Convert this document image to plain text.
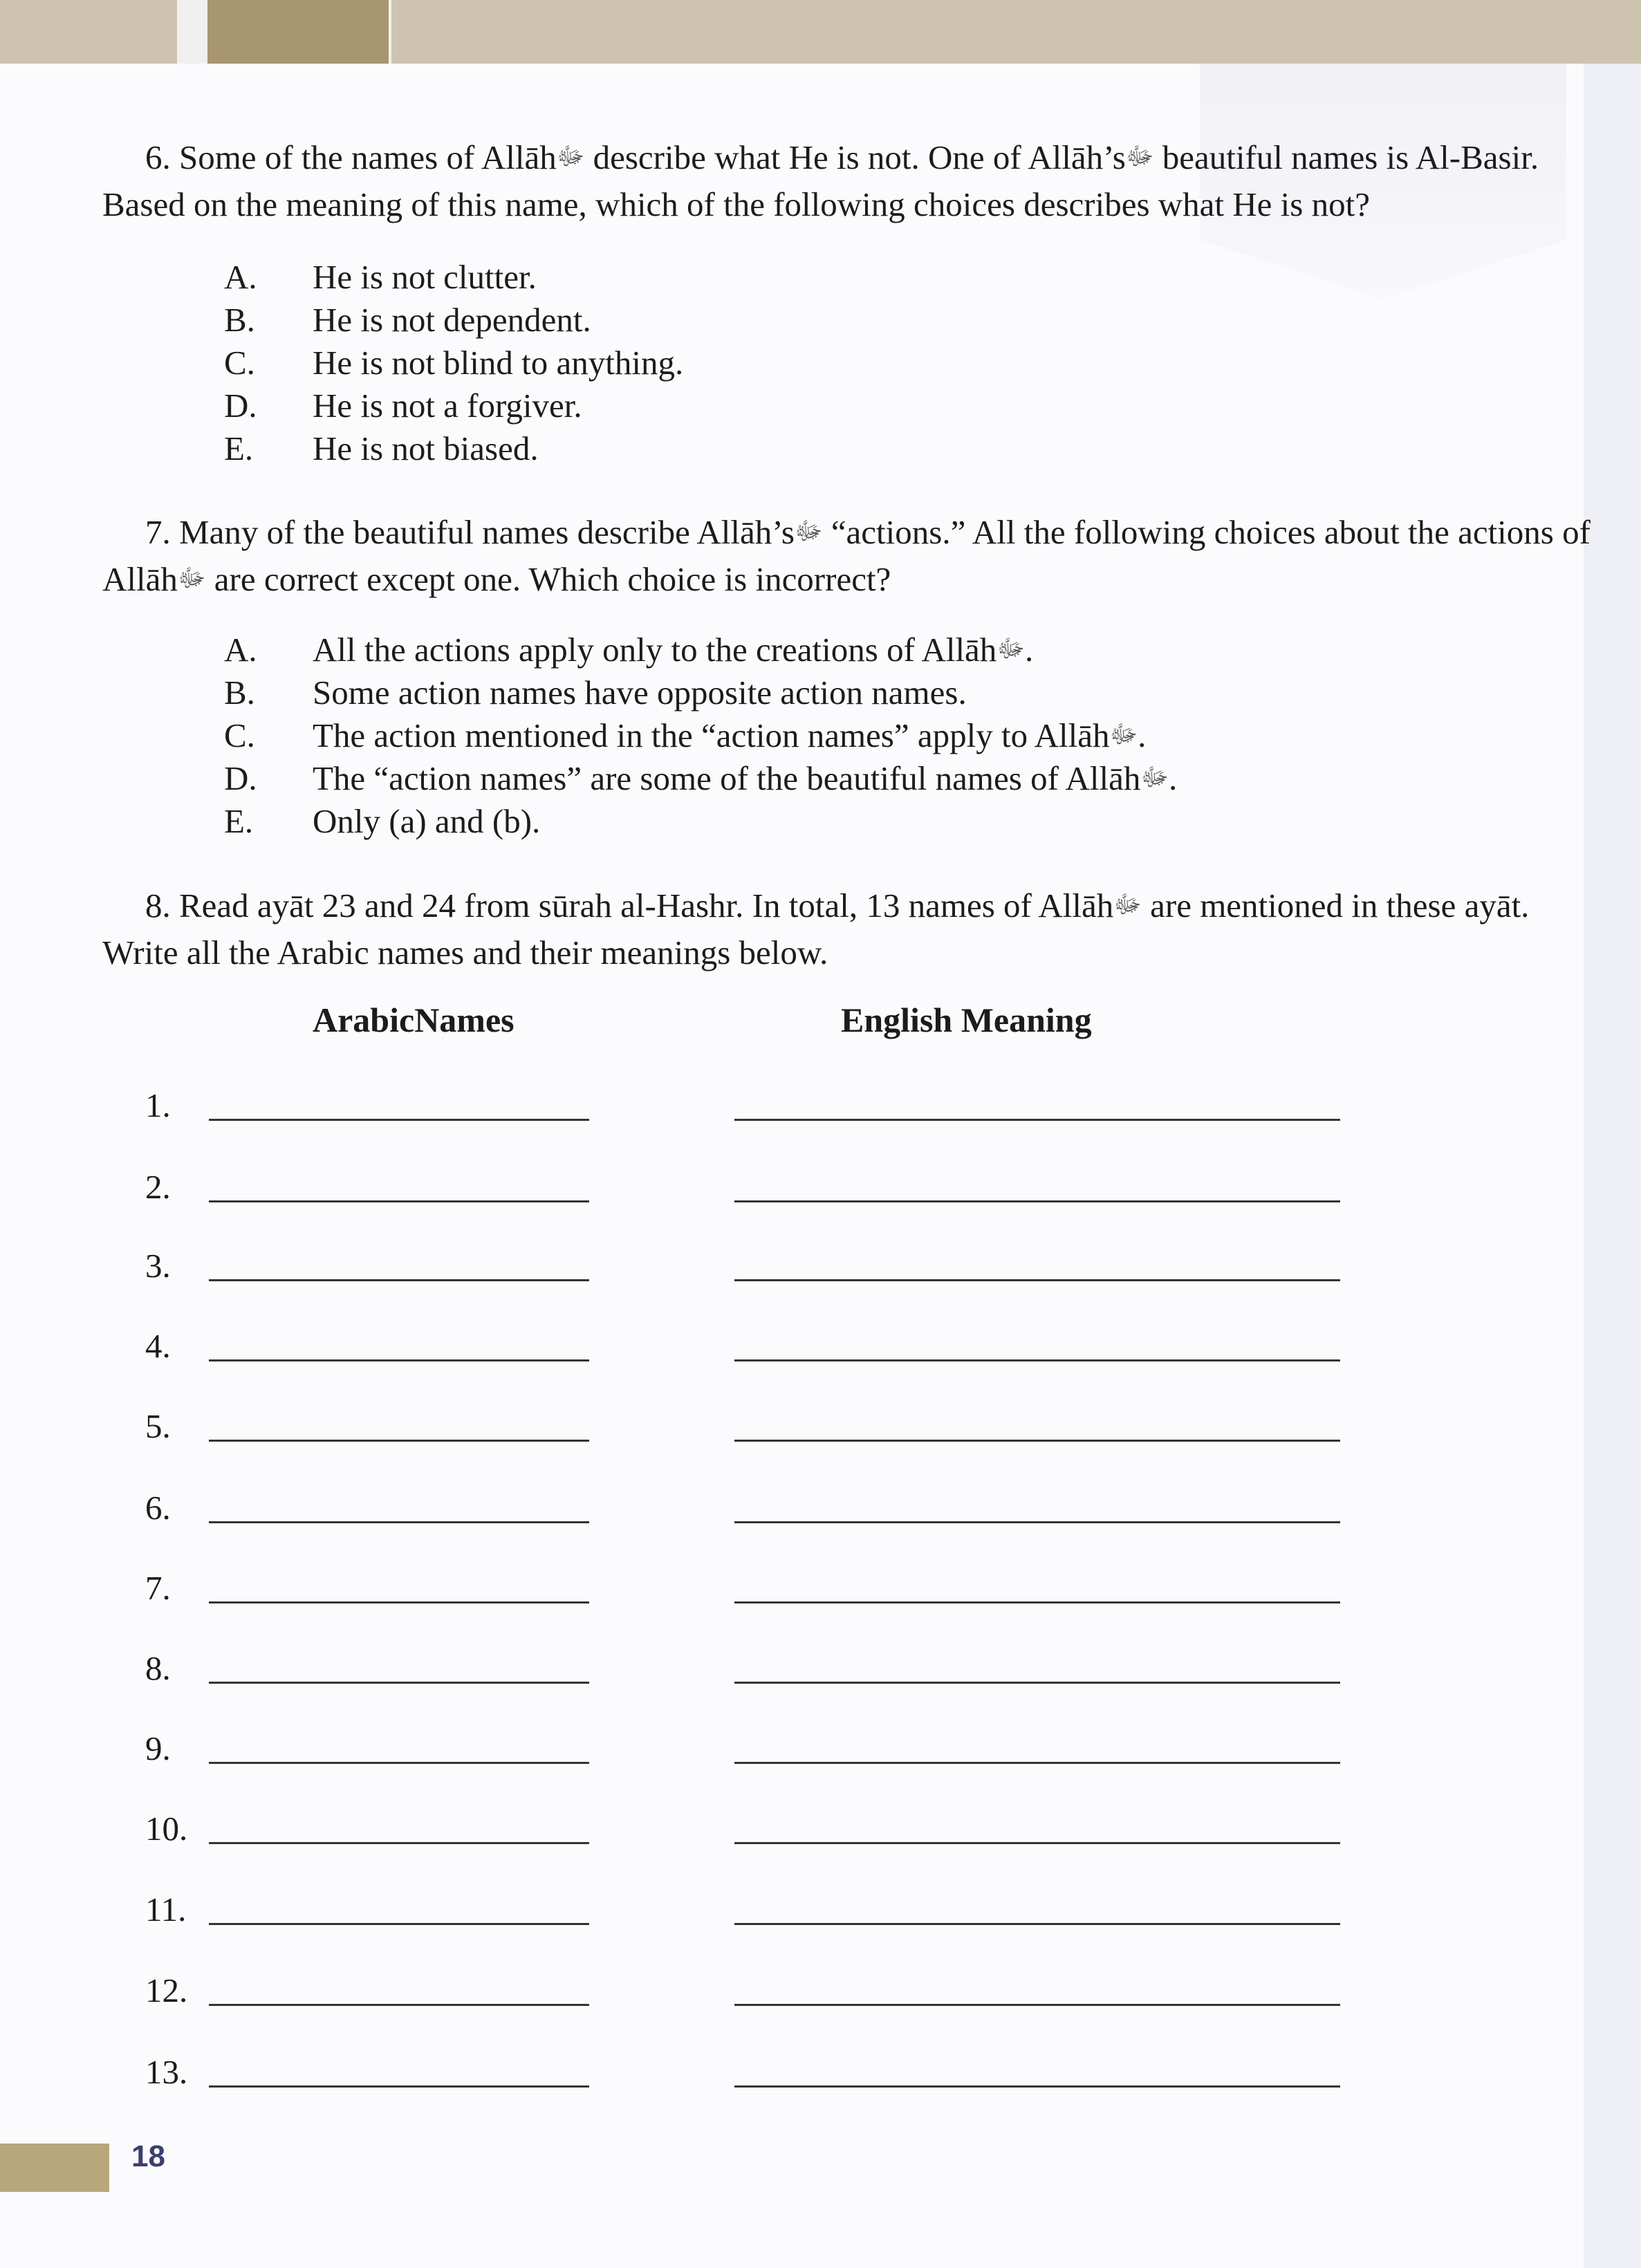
6. Some of the names of Allāhﷻ describe what He is not. One of Allāh’sﷻ beautiful names is Al-Basir.
Based on the meaning of this name, which of the following choices describes what He is not?
A.	He is not clutter.
B.	He is not dependent.
C.	He is not blind to anything.
D.	He is not a forgiver.
E.	He is not biased.
7. Many of the beautiful names describe Allāh’sﷻ “actions.” All the following choices about the actions of
Allāhﷻ are correct except one. Which choice is incorrect?
A.	All the actions apply only to the creations of Allāhﷻ.
B.	Some action names have opposite action names.
C.	The action mentioned in the “action names” apply to Allāhﷻ.
D.	The “action names” are some of the beautiful names of Allāhﷻ.
E.	Only (a) and (b).
8. Read ayāt 23 and 24 from sūrah al-Hashr. In total, 13 names of Allāhﷻ are mentioned in these ayāt.
Write all the Arabic names and their meanings below.
ArabicNames	English Meaning
1.
2.
3.
4.
5.
6.
7.
8.
9.
10.
11.
12.
13.
18
